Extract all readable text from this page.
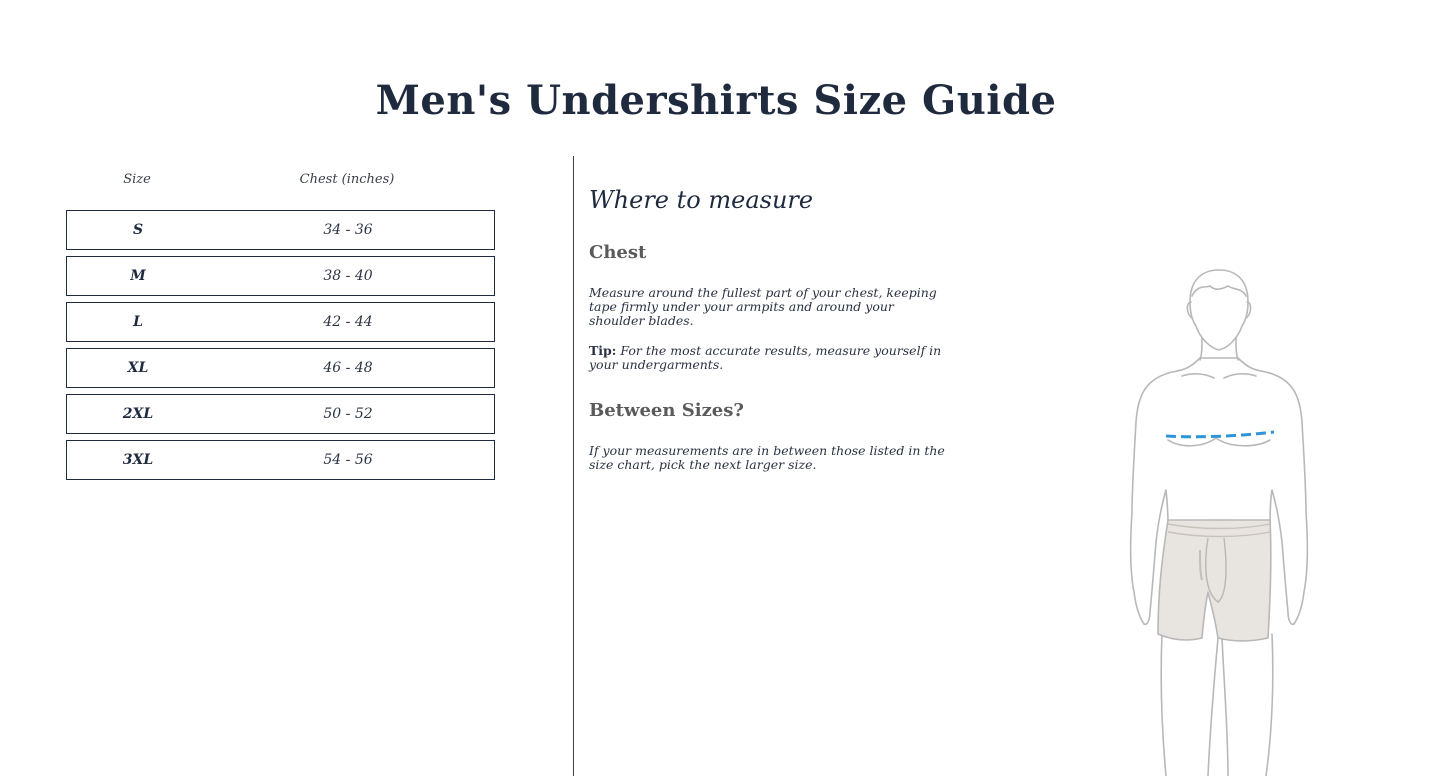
Men's Undershirts Size Guide
Size	Chest (inches)
S	34 - 36
M	38 - 40
L	42 - 44
XL	46 - 48
2XL	50 - 52
3XL	54 - 56
Where to measure
Chest

Measure around the fullest part of your chest, keeping tape firmly under your armpits and around your shoulder blades.

Tip: For the most accurate results, measure yourself in your undergarments.

Between Sizes?

If your measurements are in between those listed in the size chart, pick the next larger size.
